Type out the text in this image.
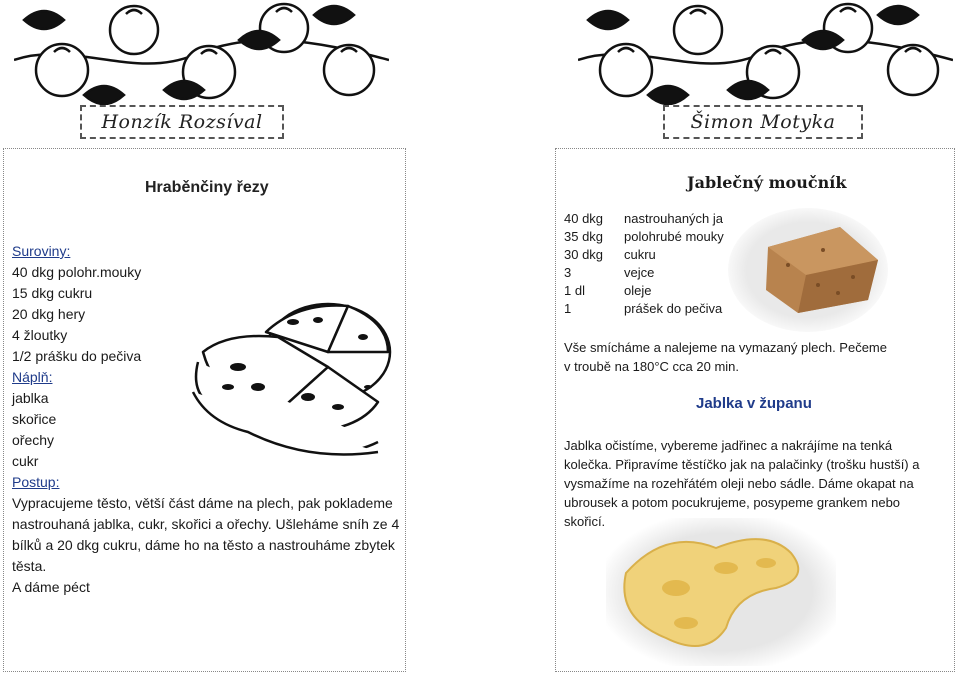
Honzík Rozsíval	Šimon Motyka
Hraběnčiny řezy
Suroviny:
40 dkg polohr.mouky
15 dkg cukru
20 dkg hery
4 žloutky
1/2 prášku do pečiva
Náplň:
jablka
skořice
ořechy
cukr
Postup:
Vypracujeme těsto, větší část dáme na plech, pak poklademe
nastrouhaná jablka, cukr, skořici a ořechy. Ušleháme sníh ze 4
bílků a 20 dkg cukru, dáme ho na těsto a nastrouháme zbytek
těsta.
A dáme péct
Jablečný moučník
40 dkg nastrouhaných ja
35 dkg polohrubé mouky
30 dkg cukru
3	vejce
1 dl	oleje
1	prášek do pečiva
Vše smícháme a nalejeme na vymazaný plech. Pečeme
v troubě na 180°C cca 20 min.
Jablka v županu
Jablka očistíme, vybereme jadřinec a nakrájíme na tenká
kolečka. Připravíme těstíčko jak na palačinky (trošku hustší) a
vysmažíme na rozehřátém oleji nebo sádle. Dáme okapat na
ubrousek a potom pocukrujeme, posypeme grankem nebo
skořicí.
